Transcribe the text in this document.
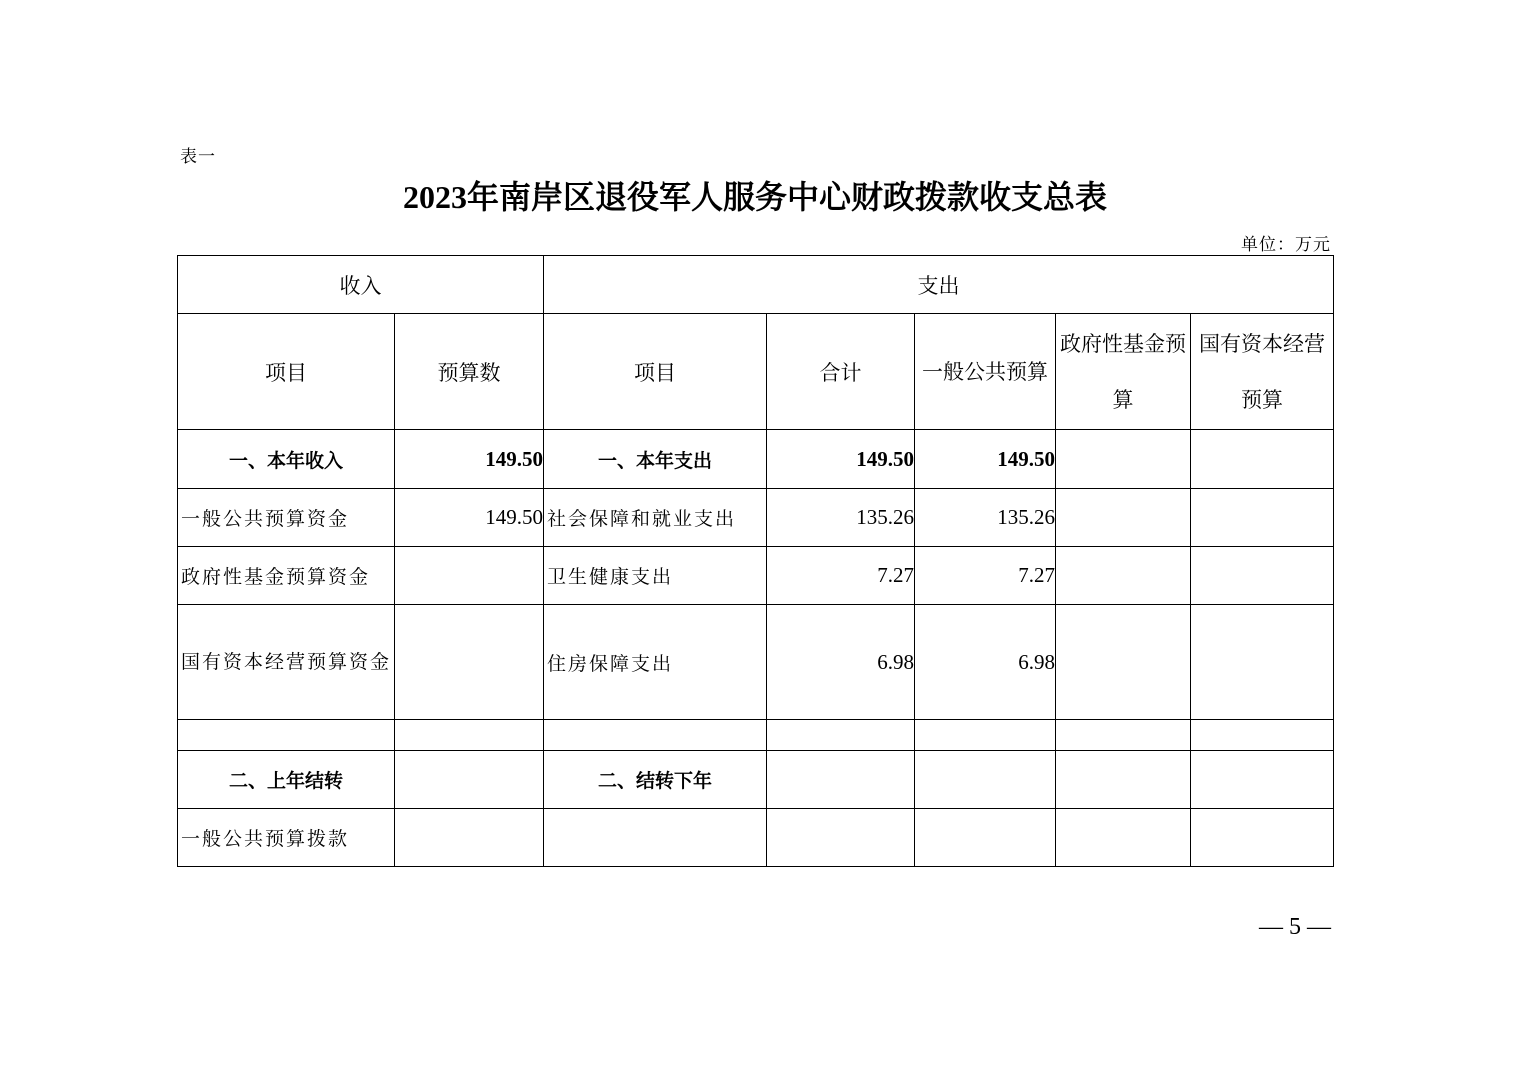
表一
2023年南岸区退役军人服务中心财政拨款收支总表
单位：万元
收入		支出				
项目	预算数	项目	合计	一般公共预算	政府性基金预算	国有资本经营预算
一、本年收入	149.50	一、本年支出	149.50	149.50		
一般公共预算资金	149.50	社会保障和就业支出	135.26	135.26		
政府性基金预算资金		卫生健康支出	7.27	7.27		
国有资本经营预算资金		住房保障支出	6.98	6.98		

二、上年结转		二、结转下年				
一般公共预算拨款						
— 5 —
